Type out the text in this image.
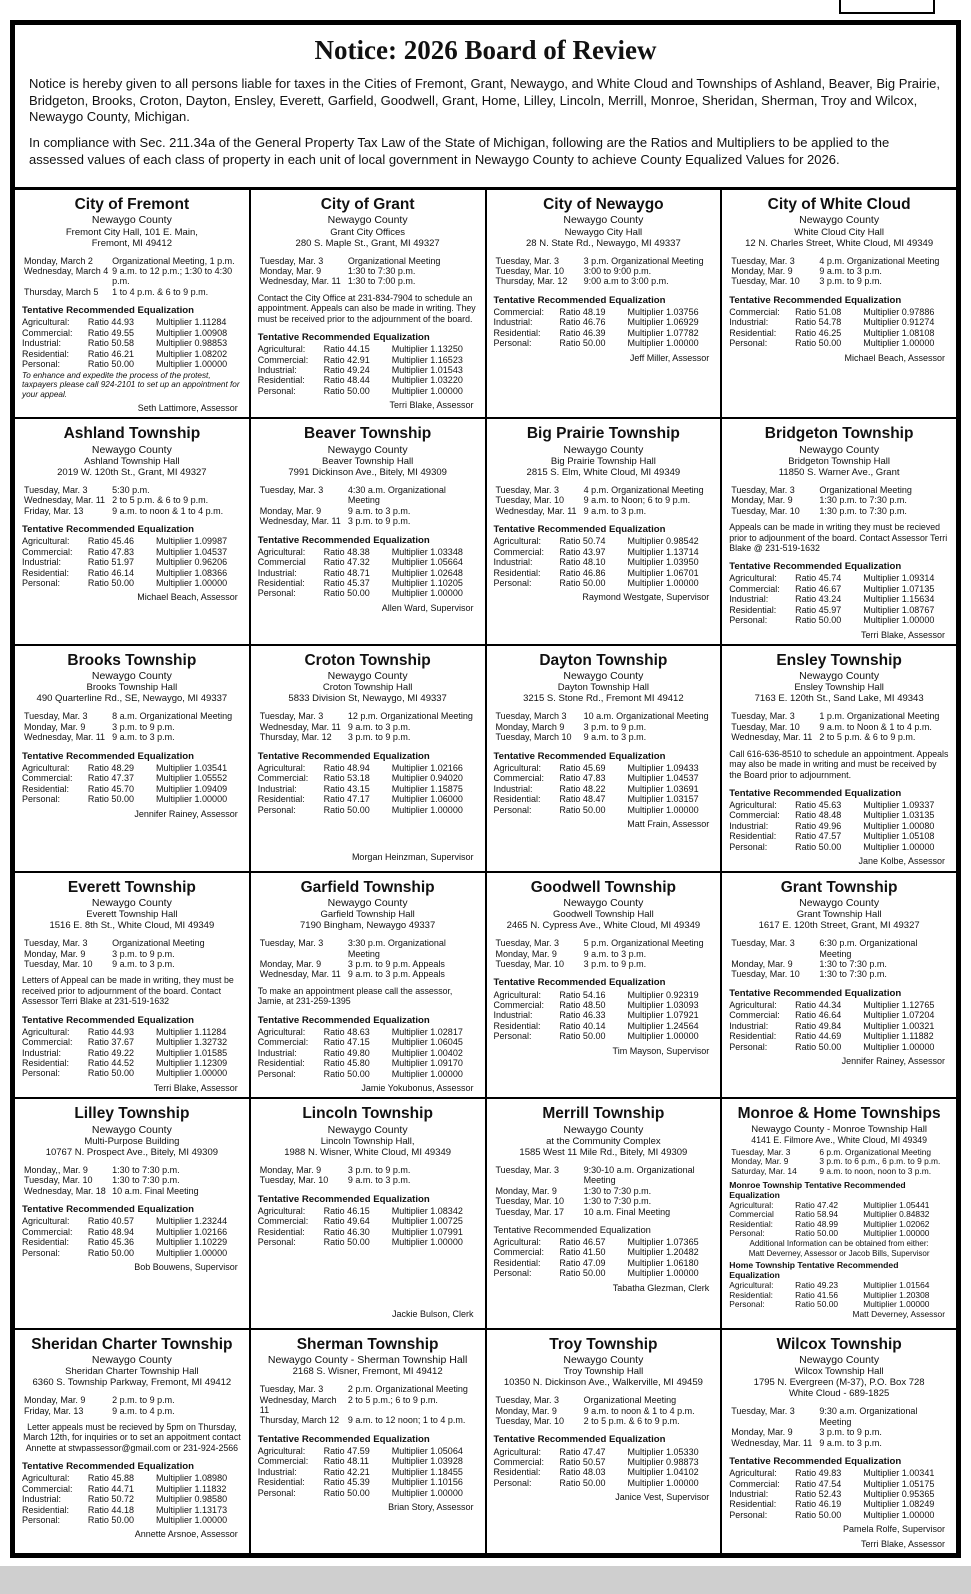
Notice: 2026 Board of Review

Notice is hereby given to all persons liable for taxes in the Cities of Fremont, Grant, Newaygo, and White Cloud and Townships of Ashland, Beaver, Big Prairie, Bridgeton, Brooks, Croton, Dayton, Ensley, Everett, Garfield, Goodwell, Grant, Home, Lilley, Lincoln, Merrill, Monroe, Sheridan, Sherman, Troy and Wilcox, Newaygo County, Michigan.

In compliance with Sec. 211.34a of the General Property Tax Law of the State of Michigan, following are the Ratios and Multipliers to be applied to the assessed values of each class of property in each unit of local government in Newaygo County to achieve County Equalized Values for 2026.

City of Fremont
Newaygo County
Fremont City Hall, 101 E. Main,
Fremont, MI 49412
Monday, March 2	Organizational Meeting, 1 p.m.
Wednesday, March 4 9 a.m. to 12 p.m.; 1:30 to 4:30 p.m.
Thursday, March 5	1 to 4 p.m. & 6 to 9 p.m.
Tentative Recommended Equalization
Agricultural:	Ratio 44.93	Multiplier 1.11284
Commercial:	Ratio 49.55	Multiplier 1.00908
Industrial:	Ratio 50.58	Multiplier 0.98853
Residential:	Ratio 46.21	Multiplier 1.08202
Personal:	Ratio 50.00	Multiplier 1.00000
To enhance and expedite the process of the protest, taxpayers please call 924-2101 to set up an appointment for your appeal.
Seth Lattimore, Assessor
City of Grant
Newaygo County
Grant City Offices
280 S. Maple St., Grant, MI 49327
Tuesday, Mar. 3	Organizational Meeting
Monday, Mar. 9	1:30 to 7:30 p.m.
Wednesday, Mar. 11 1:30 to 7:00 p.m.
Contact the City Office at 231-834-7904 to schedule an appointment. Appeals can also be made in writing. They must be received prior to the adjournment of the board.
Tentative Recommended Equalization
Agricultural:	Ratio 44.15	Multiplier 1.13250
Commercial:	Ratio 42.91	Multiplier 1.16523
Industrial:	Ratio 49.24	Multiplier 1.01543
Residential:	Ratio 48.44	Multiplier 1.03220
Personal:	Ratio 50.00	Multiplier 1.00000
Terri Blake, Assessor
City of Newaygo
Newaygo County
Newaygo City Hall
28 N. State Rd., Newaygo, MI 49337
Tuesday, Mar. 3	3 p.m. Organizational Meeting
Tuesday, Mar. 10	3:00 to 9:00 p.m.
Thursday, Mar. 12	9:00 a.m to 3:00 p.m.
Tentative Recommended Equalization
Commercial:	Ratio 48.19	Multiplier 1.03756
Industrial:	Ratio 46.76	Multiplier 1.06929
Residential:	Ratio 46.39	Multiplier 1.07782
Personal:	Ratio 50.00	Multiplier 1.00000
Jeff Miller, Assessor
City of White Cloud
Newaygo County
White Cloud City Hall
12 N. Charles Street, White Cloud, MI 49349
Tuesday, Mar. 3	4 p.m. Organizational Meeting
Monday, Mar. 9	9 a.m. to 3 p.m.
Tuesday, Mar. 10	3 p.m. to 9 p.m.
Tentative Recommended Equalization
Commercial:	Ratio 51.08	Multiplier 0.97886
Industrial:	Ratio 54.78	Multiplier 0.91274
Residential:	Ratio 46.25	Multiplier 1.08108
Personal:	Ratio 50.00	Multiplier 1.00000
Michael Beach, Assessor
Ashland Township
Newaygo County
Ashland Township Hall
2019 W. 120th St., Grant, MI 49327
Tuesday, Mar. 3	5:30 p.m.
Wednesday, Mar. 11 2 to 5 p.m. & 6 to 9 p.m.
Friday, Mar. 13	9 a.m. to noon & 1 to 4 p.m.
Tentative Recommended Equalization
Agricultural:	Ratio 45.46	Multiplier 1.09987
Commercial:	Ratio 47.83	Multiplier 1.04537
Industrial:	Ratio 51.97	Multiplier 0.96206
Residential:	Ratio 46.14	Multiplier 1.08366
Personal:	Ratio 50.00	Multiplier 1.00000
Michael Beach, Assessor
Beaver Township
Newaygo County
Beaver Township Hall
7991 Dickinson Ave., Bitely, MI 49309
Tuesday, Mar. 3	4:30 a.m. Organizational Meeting
Monday, Mar. 9	9 a.m. to 3 p.m.
Wednesday, Mar. 11 3 p.m. to 9 p.m.
Tentative Recommended Equalization
Agricultural:	Ratio 48.38	Multiplier 1.03348
Commercial	Ratio 47.32	Multiplier 1.05664
Industrial:	Ratio 48.71	Multiplier 1.02648
Residential:	Ratio 45.37	Multiplier 1.10205
Personal:	Ratio 50.00	Multiplier 1.00000
Allen Ward, Supervisor
Big Prairie Township
Newaygo County
Big Prairie Township Hall
2815 S. Elm, White Cloud, MI 49349
Tuesday, Mar. 3	4 p.m. Organizational Meeting
Tuesday, Mar. 10	9 a.m. to Noon; 6 to 9 p.m.
Wednesday, Mar. 11 9 a.m. to 3 p.m.
Tentative Recommended Equalization
Agricultural:	Ratio 50.74	Multiplier 0.98542
Commercial:	Ratio 43.97	Multiplier 1.13714
Industrial:	Ratio 48.10	Multiplier 1.03950
Residential:	Ratio 46.86	Multiplier 1.06701
Personal:	Ratio 50.00	Multiplier 1.00000
Raymond Westgate, Supervisor
Bridgeton Township
Newaygo County
Bridgeton Township Hall
11850 S. Warner Ave., Grant
Tuesday, Mar. 3	Organizational Meeting
Monday, Mar. 9	1:30 p.m. to 7:30 p.m.
Tuesday, Mar. 10	1:30 p.m. to 7:30 p.m.
Appeals can be made in writing they must be recieved prior to adjounment of the board. Contact Assessor Terri Blake @ 231-519-1632
Tentative Recommended Equalization
Agricultural:	Ratio 45.74	Multiplier 1.09314
Commercial:	Ratio 46.67	Multiplier 1.07135
Industrial:	Ratio 43.24	Multiplier 1.15634
Residential:	Ratio 45.97	Multiplier 1.08767
Personal:	Ratio 50.00	Multiplier 1.00000
Terri Blake, Assessor
Brooks Township
Newaygo County
Brooks Township Hall
490 Quarterline Rd., SE, Newaygo, MI 49337
Tuesday, Mar. 3	8 a.m. Organizational Meeting
Monday, Mar. 9	3 p.m. to 9 p.m.
Wednesday, Mar. 11 9 a.m. to 3 p.m.
Tentative Recommended Equalization
Agricultural:	Ratio 48.29	Multiplier 1.03541
Commercial:	Ratio 47.37	Multiplier 1.05552
Residential:	Ratio 45.70	Multiplier 1.09409
Personal:	Ratio 50.00	Multiplier 1.00000
Jennifer Rainey, Assessor
Croton Township
Newaygo County
Croton Township Hall
5833 Division St, Newaygo, MI 49337
Tuesday, Mar. 3	12 p.m. Organizational Meeting
Wednesday, Mar. 11 9 a.m. to 3 p.m.
Thursday, Mar. 12	3 p.m. to 9 p.m.
Tentative Recommended Equalization
Agricultural:	Ratio 48.94	Multiplier 1.02166
Commercial:	Ratio 53.18	Multiplier 0.94020
Industrial:	Ratio 43.15	Multiplier 1.15875
Residential:	Ratio 47.17	Multiplier 1.06000
Personal:	Ratio 50.00	Multiplier 1.00000
Morgan Heinzman, Supervisor
Dayton Township
Newaygo County
Dayton Township Hall
3215 S. Stone Rd., Fremont MI 49412
Tuesday, March 3	10 a.m. Organizational Meeting
Monday, March 9	3 p.m. to 9 p.m.
Tuesday, March 10	9 a.m. to 3 p.m.
Tentative Recommended Equalization
Agricultural:	Ratio 45.69	Multiplier 1.09433
Commercial:	Ratio 47.83	Multiplier 1.04537
Industrial:	Ratio 48.22	Multiplier 1.03691
Residential:	Ratio 48.47	Multiplier 1.03157
Personal:	Ratio 50.00	Multiplier 1.00000
Matt Frain, Assessor
Ensley Township
Newaygo County
Ensley Township Hall
7163 E. 120th St., Sand Lake, MI 49343
Tuesday, Mar. 3	1 p.m. Organizational Meeting
Tuesday, Mar. 10	9 a.m. to Noon & 1 to 4 p.m.
Wednesday, Mar. 11 2 to 5 p.m. & 6 to 9 p.m.
Call 616-636-8510 to schedule an appointment. Appeals may also be made in writing and must be received by the Board prior to adjournment.
Tentative Recommended Equalization
Agricultural:	Ratio 45.63	Multiplier 1.09337
Commercial:	Ratio 48.48	Multiplier 1.03135
Industrial:	Ratio 49.96	Multiplier 1.00080
Residential:	Ratio 47.57	Multiplier 1.05108
Personal:	Ratio 50.00	Multiplier 1.00000
Jane Kolbe, Assessor
Everett Township
Newaygo County
Everett Township Hall
1516 E. 8th St., White Cloud, MI 49349
Tuesday, Mar. 3	Organizational Meeting
Monday, Mar. 9	3 p.m. to 9 p.m.
Tuesday, Mar. 10	9 a.m. to 3 p.m.
Letters of Appeal can be made in writing, they must be received prior to adjournment of the board. Contact Assessor Terri Blake at 231-519-1632
Tentative Recommended Equalization
Agricultural:	Ratio 44.93	Multiplier 1.11284
Commercial:	Ratio 37.67	Multiplier 1.32732
Industrial:	Ratio 49.22	Multiplier 1.01585
Residential:	Ratio 44.52	Multiplier 1.12309
Personal:	Ratio 50.00	Multiplier 1.00000
Terri Blake, Assessor
Garfield Township
Newaygo County
Garfield Township Hall
7190 Bingham, Newaygo 49337
Tuesday, Mar. 3	3:30 p.m. Organizational Meeting
Monday, Mar. 9	3 p.m. to 9 p.m. Appeals
Wednesday, Mar. 11 9 a.m. to 3 p.m. Appeals
To make an appointment please call the assessor, Jamie, at 231-259-1395
Tentative Recommended Equalization
Agricultural:	Ratio 48.63	Multiplier 1.02817
Commercial:	Ratio 47.15	Multiplier 1.06045
Industrial:	Ratio 49.80	Multiplier 1.00402
Residential:	Ratio 45.80	Multiplier 1.09170
Personal:	Ratio 50.00	Multiplier 1.00000
Jamie Yokubonus, Assessor
Goodwell Township
Newaygo County
Goodwell Township Hall
2465 N. Cypress Ave., White Cloud, MI 49349
Tuesday, Mar. 3	5 p.m. Organizational Meeting
Monday, Mar. 9	9 a.m. to 3 p.m.
Tuesday, Mar. 10	3 p.m. to 9 p.m.
Tentative Recommended Equalization
Agricultural:	Ratio 54.16	Multiplier 0.92319
Commercial:	Ratio 48.50	Multiplier 1.03093
Industrial:	Ratio 46.33	Multiplier 1.07921
Residential:	Ratio 40.14	Multiplier 1.24564
Personal:	Ratio 50.00	Multiplier 1.00000
Tim Mayson, Supervisor
Grant Township
Newaygo County
Grant Township Hall
1617 E. 120th Street, Grant, MI 49327
Tuesday, Mar. 3	6:30 p.m. Organizational Meeting
Monday, Mar. 9	1:30 to 7:30 p.m.
Tuesday, Mar. 10	1:30 to 7:30 p.m.
Tentative Recommended Equalization
Agricultural:	Ratio 44.34	Multiplier 1.12765
Commercial:	Ratio 46.64	Multiplier 1.07204
Industrial:	Ratio 49.84	Multiplier 1.00321
Residential:	Ratio 44.69	Multiplier 1.11882
Personal:	Ratio 50.00	Multiplier 1.00000
Jennifer Rainey, Assessor
Lilley Township
Newaygo County
Multi-Purpose Building
10767 N. Prospect Ave., Bitely, MI 49309
Monday,, Mar. 9	1:30 to 7:30 p.m.
Tuesday, Mar. 10	1:30 to 7:30 p.m.
Wednesday, Mar. 18 10 a.m. Final Meeting
Tentative Recommended Equalization
Agricultural:	Ratio 40.57	Multiplier 1.23244
Commercial:	Ratio 48.94	Multiplier 1.02166
Residential:	Ratio 45.36	Multiplier 1.10229
Personal:	Ratio 50.00	Multiplier 1.00000
Bob Bouwens, Supervisor
Lincoln Township
Newaygo County
Lincoln Township Hall,
1988 N. Wisner, White Cloud, MI 49349
Monday, Mar. 9	3 p.m. to 9 p.m.
Tuesday, Mar. 10	9 a.m. to 3 p.m.
Tentative Recommended Equalization
Agricultural:	Ratio 46.15	Multiplier 1.08342
Commercial:	Ratio 49.64	Multiplier 1.00725
Residential:	Ratio 46.30	Multiplier 1.07991
Personal:	Ratio 50.00	Multiplier 1.00000
Jackie Bulson, Clerk
Merrill Township
Newaygo County
at the Community Complex
1585 West 11 Mile Rd., Bitely, MI 49309
Tuesday, Mar. 3	9:30-10 a.m. Organizational Meeting
Monday, Mar. 9	1:30 to 7:30 p.m.
Tuesday, Mar. 10	1:30 to 7:30 p.m.
Tuesday, Mar. 17	10 a.m. Final Meeting
Tentative Recommended Equalization
Agricultural:	Ratio 46.57	Multiplier 1.07365
Commercial:	Ratio 41.50	Multiplier 1.20482
Residential:	Ratio 47.09	Multiplier 1.06180
Personal:	Ratio 50.00	Multiplier 1.00000
Tabatha Glezman, Clerk
Monroe & Home Townships
Newaygo County - Monroe Township Hall
4141 E. Filmore Ave., White Cloud, MI 49349
Tuesday, Mar. 3	6 p.m. Organizational Meeting
Monday, Mar. 9	3 p.m. to 6 p.m., 6 p.m. to 9 p.m.
Saturday, Mar. 14	9 a.m. to noon, noon to 3 p.m.
Monroe Township Tentative Recommended Equalization
Agricultural:	Ratio 47.42	Multiplier 1.05441
Commercial	Ratio 58.94	Multiplier 0.84832
Residential:	Ratio 48.99	Multiplier 1.02062
Personal:	Ratio 50.00	Multiplier 1.00000
Additional Information can be obtained from either:
Matt Deverney, Assessor or Jacob Bills, Supervisor
Home Township Tentative Recommended Equalization
Agricultural:	Ratio 49.23	Multiplier 1.01564
Residential:	Ratio 41.56	Multiplier 1.20308
Personal:	Ratio 50.00	Multiplier 1.00000
Matt Deverney, Assessor
Sheridan Charter Township
Newaygo County
Sheridan Charter Township Hall
6360 S. Township Parkway, Fremont, MI 49412
Monday, Mar. 9	2 p.m. to 9 p.m.
Friday, Mar. 13	9 a.m. to 4 p.m.
Letter appeals must be recieved by 5pm on Thursday, March 12th, for inquiries or to set an appoitment contact Annette at stwpassessor@gmail.com or 231-924-2566
Tentative Recommended Equalization
Agricultural:	Ratio 45.88	Multiplier 1.08980
Commercial:	Ratio 44.71	Multiplier 1.11832
Industrial:	Ratio 50.72	Multiplier 0.98580
Residential:	Ratio 44.18	Multiplier 1.13173
Personal:	Ratio 50.00	Multiplier 1.00000
Annette Arsnoe, Assessor
Sherman Township
Newaygo County - Sherman Township Hall
2168 S. Wisner, Fremont, MI 49412
Tuesday, Mar. 3	2 p.m. Organizational Meeting
Wednesday, March 11
2 to 5 p.m.; 6 to 9 p.m.
Thursday, March 12 9 a.m. to 12 noon; 1 to 4 p.m.
Tentative Recommended Equalization
Agricultural:	Ratio 47.59	Multiplier 1.05064
Commercial:	Ratio 48.11	Multiplier 1.03928
Industrial:	Ratio 42.21	Multiplier 1.18455
Residential:	Ratio 45.39	Multiplier 1.10156
Personal:	Ratio 50.00	Multiplier 1.00000
Brian Story, Assessor
Troy Township
Newaygo County
Troy Township Hall
10350 N. Dickinson Ave., Walkerville, MI 49459
Tuesday, Mar. 3	Organizational Meeting
Monday, Mar. 9	9 a.m. to noon & 1 to 4 p.m.
Tuesday, Mar. 10	2 to 5 p.m. & 6 to 9 p.m.
Tentative Recommended Equalization
Agricultural:	Ratio 47.47	Multiplier 1.05330
Commercial:	Ratio 50.57	Multiplier 0.98873
Residential:	Ratio 48.03	Multiplier 1.04102
Personal:	Ratio 50.00	Multiplier 1.00000
Janice Vest, Supervisor
Wilcox Township
Newaygo County
Wilcox Township Hall
1795 N. Evergreen (M-37), P.O. Box 728
White Cloud - 689-1825
Tuesday, Mar. 3	9:30 a.m. Organizational Meeting
Monday, Mar. 9	3 p.m. to 9 p.m.
Wednesday, Mar. 11 9 a.m. to 3 p.m.
Tentative Recommended Equalization
Agricultural:	Ratio 49.83	Multiplier 1.00341
Commercial:	Ratio 47.54	Multiplier 1.05175
Industrial:	Ratio 52.43	Multiplier 0.95365
Residential:	Ratio 46.19	Multiplier 1.08249
Personal:	Ratio 50.00	Multiplier 1.00000
Pamela Rolfe, Supervisor
Terri Blake, Assessor
